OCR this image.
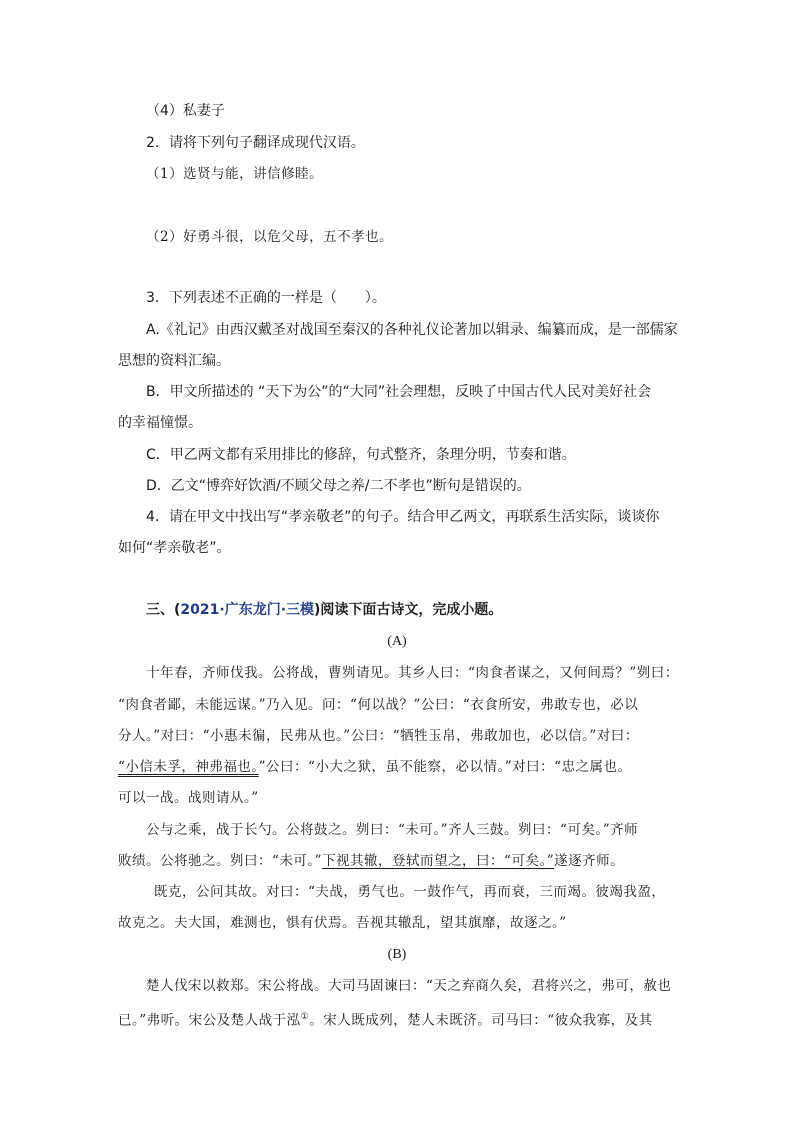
（4）私妻子
2．请将下列句子翻译成现代汉语。
（1）选贤与能，讲信修睦。
（2）好勇斗很，以危父母，五不孝也。
3．下列表述不正确的一样是（　　）。
A.《礼记》由西汉戴圣对战国至秦汉的各种礼仪论著加以辑录、编纂而成，是一部儒家
思想的资料汇编。
B．甲文所描述的 “天下为公”的“大同”社会理想，反映了中国古代人民对美好社会
的幸福憧憬。
C．甲乙两文都有采用排比的修辞，句式整齐，条理分明，节奏和谐。
D．乙文“博弈好饮酒/不顾父母之养/二不孝也”断句是错误的。
4．请在甲文中找出写“孝亲敬老”的句子。结合甲乙两文，再联系生活实际，谈谈你
如何“孝亲敬老”。
三、(2021·广东龙门·三模)阅读下面古诗文，完成小题。
(A)
十年春，齐师伐我。公将战，曹刿请见。其乡人曰：“肉食者谋之，又何间焉？”刿曰：
“肉食者鄙，未能远谋。”乃入见。问：“何以战？”公曰：“衣食所安，弗敢专也，必以
分人。”对曰：“小惠未徧，民弗从也。”公曰：“牺牲玉帛，弗敢加也，必以信。”对曰：
“小信未孚，神弗福也。”公曰：“小大之狱，虽不能察，必以情。”对曰：“忠之属也。
可以一战。战则请从。”
公与之乘，战于长勺。公将鼓之。刿曰：“未可。”齐人三鼓。刿曰：“可矣。”齐师
败绩。公将驰之。刿曰：“未可。”下视其辙，登轼而望之，曰：“可矣。”遂逐齐师。
既克，公问其故。对曰：“夫战，勇气也。一鼓作气，再而衰，三而竭。彼竭我盈，
故克之。夫大国，难测也，惧有伏焉。吾视其辙乱，望其旗靡，故逐之。”
(B)
楚人伐宋以救郑。宋公将战。大司马固谏曰：“天之弃商久矣，君将兴之，弗可，赦也
已。”弗听。宋公及楚人战于泓①。宋人既成列，楚人未既济。司马曰：“彼众我寡，及其
